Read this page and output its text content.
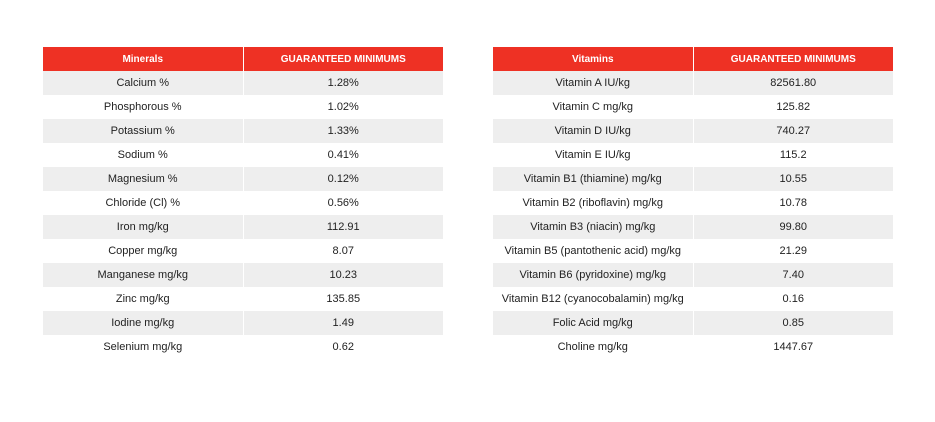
Minerals	GUARANTEED MINIMUMS
Calcium %	1.28%
Phosphorous %	1.02%
Potassium %	1.33%
Sodium %	0.41%
Magnesium %	0.12%
Chloride (Cl) %	0.56%
Iron mg/kg	112.91
Copper mg/kg	8.07
Manganese mg/kg	10.23
Zinc mg/kg	135.85
Iodine mg/kg	1.49
Selenium mg/kg	0.62
Vitamins	GUARANTEED MINIMUMS
Vitamin A IU/kg	82561.80
Vitamin C mg/kg	125.82
Vitamin D IU/kg	740.27
Vitamin E IU/kg	115.2
Vitamin B1 (thiamine) mg/kg	10.55
Vitamin B2 (riboflavin) mg/kg	10.78
Vitamin B3 (niacin) mg/kg	99.80
Vitamin B5 (pantothenic acid) mg/kg	21.29
Vitamin B6 (pyridoxine) mg/kg	7.40
Vitamin B12 (cyanocobalamin) mg/kg	0.16
Folic Acid mg/kg	0.85
Choline mg/kg	1447.67
